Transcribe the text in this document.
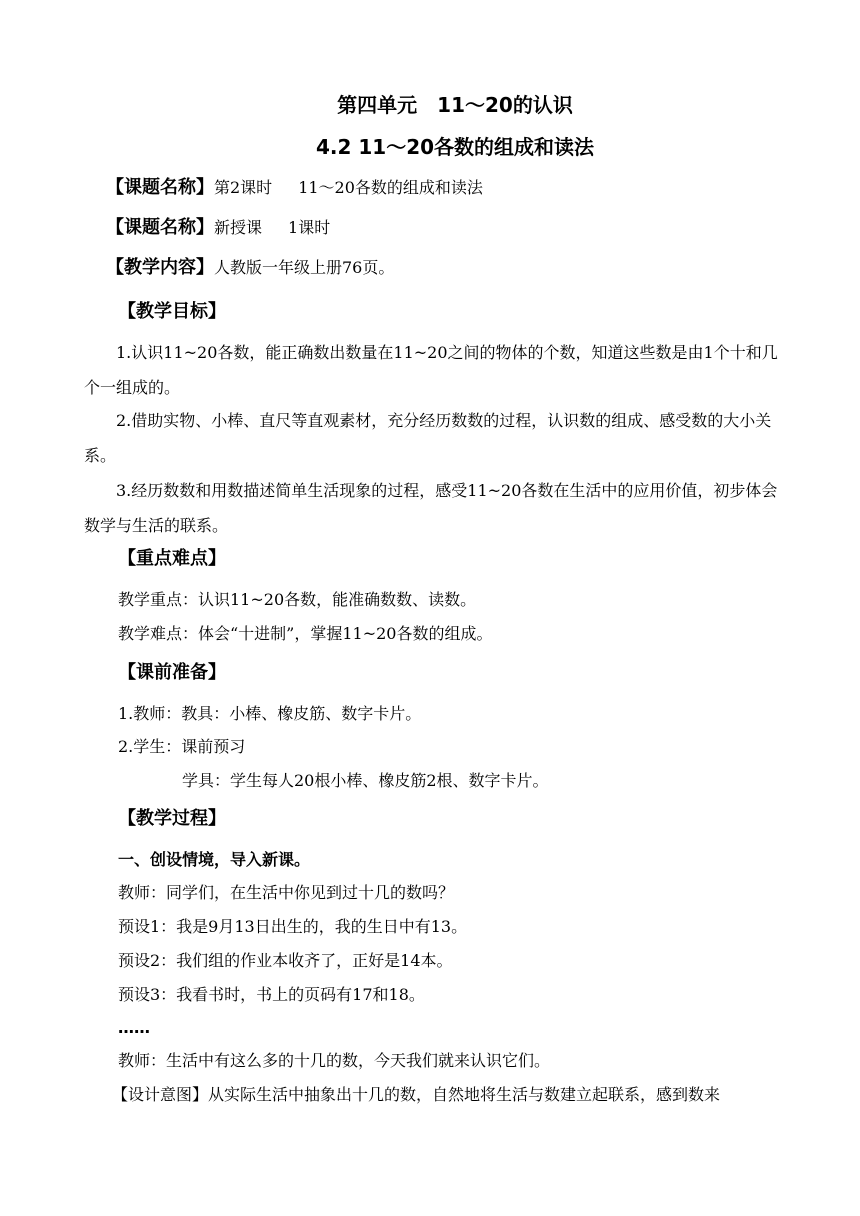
第四单元　11～20的认识
4.2 11～20各数的组成和读法
【课题名称】第2课时 11～20各数的组成和读法
【课题名称】新授课 1课时
【教学内容】人教版一年级上册76页。
【教学目标】
1.认识11~20各数，能正确数出数量在11~20之间的物体的个数，知道这些数是由1个十和几个一组成的。
2.借助实物、小棒、直尺等直观素材，充分经历数数的过程，认识数的组成、感受数的大小关系。
3.经历数数和用数描述简单生活现象的过程，感受11~20各数在生活中的应用价值，初步体会数学与生活的联系。
【重点难点】
教学重点：认识11~20各数，能准确数数、读数。
教学难点：体会“十进制”，掌握11~20各数的组成。
【课前准备】
1.教师：教具：小棒、橡皮筋、数字卡片。
2.学生：课前预习
学具：学生每人20根小棒、橡皮筋2根、数字卡片。
【教学过程】
一、创设情境，导入新课。
教师：同学们，在生活中你见到过十几的数吗？
预设1：我是9月13日出生的，我的生日中有13。
预设2：我们组的作业本收齐了，正好是14本。
预设3：我看书时，书上的页码有17和18。
……
教师：生活中有这么多的十几的数，今天我们就来认识它们。
【设计意图】从实际生活中抽象出十几的数，自然地将生活与数建立起联系，感到数来
